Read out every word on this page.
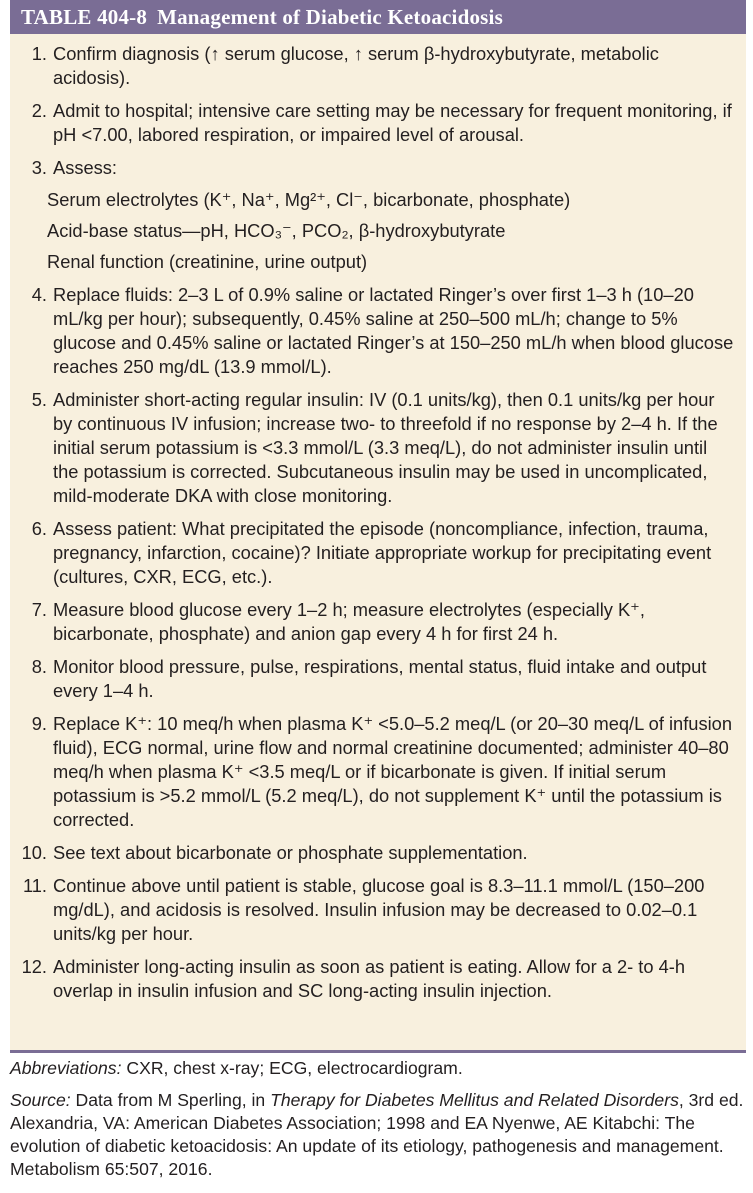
TABLE 404-8 Management of Diabetic Ketoacidosis
1. Confirm diagnosis (↑ serum glucose, ↑ serum β-hydroxybutyrate, metabolic acidosis).
2. Admit to hospital; intensive care setting may be necessary for frequent monitoring, if pH <7.00, labored respiration, or impaired level of arousal.
3. Assess:
Serum electrolytes (K⁺, Na⁺, Mg²⁺, Cl⁻, bicarbonate, phosphate)
Acid-base status—pH, HCO₃⁻, PCO₂, β-hydroxybutyrate
Renal function (creatinine, urine output)
4. Replace fluids: 2–3 L of 0.9% saline or lactated Ringer’s over first 1–3 h (10–20 mL/kg per hour); subsequently, 0.45% saline at 250–500 mL/h; change to 5% glucose and 0.45% saline or lactated Ringer’s at 150–250 mL/h when blood glucose reaches 250 mg/dL (13.9 mmol/L).
5. Administer short-acting regular insulin: IV (0.1 units/kg), then 0.1 units/kg per hour by continuous IV infusion; increase two- to threefold if no response by 2–4 h. If the initial serum potassium is <3.3 mmol/L (3.3 meq/L), do not administer insulin until the potassium is corrected. Subcutaneous insulin may be used in uncomplicated, mild-moderate DKA with close monitoring.
6. Assess patient: What precipitated the episode (noncompliance, infection, trauma, pregnancy, infarction, cocaine)? Initiate appropriate workup for precipitating event (cultures, CXR, ECG, etc.).
7. Measure blood glucose every 1–2 h; measure electrolytes (especially K⁺, bicarbonate, phosphate) and anion gap every 4 h for first 24 h.
8. Monitor blood pressure, pulse, respirations, mental status, fluid intake and output every 1–4 h.
9. Replace K⁺: 10 meq/h when plasma K⁺ <5.0–5.2 meq/L (or 20–30 meq/L of infusion fluid), ECG normal, urine flow and normal creatinine documented; administer 40–80 meq/h when plasma K⁺ <3.5 meq/L or if bicarbonate is given. If initial serum potassium is >5.2 mmol/L (5.2 meq/L), do not supplement K⁺ until the potassium is corrected.
10. See text about bicarbonate or phosphate supplementation.
11. Continue above until patient is stable, glucose goal is 8.3–11.1 mmol/L (150–200 mg/dL), and acidosis is resolved. Insulin infusion may be decreased to 0.02–0.1 units/kg per hour.
12. Administer long-acting insulin as soon as patient is eating. Allow for a 2- to 4-h overlap in insulin infusion and SC long-acting insulin injection.

Abbreviations: CXR, chest x-ray; ECG, electrocardiogram.

Source: Data from M Sperling, in Therapy for Diabetes Mellitus and Related Disorders, 3rd ed. Alexandria, VA: American Diabetes Association; 1998 and EA Nyenwe, AE Kitabchi: The evolution of diabetic ketoacidosis: An update of its etiology, pathogenesis and management. Metabolism 65:507, 2016.
